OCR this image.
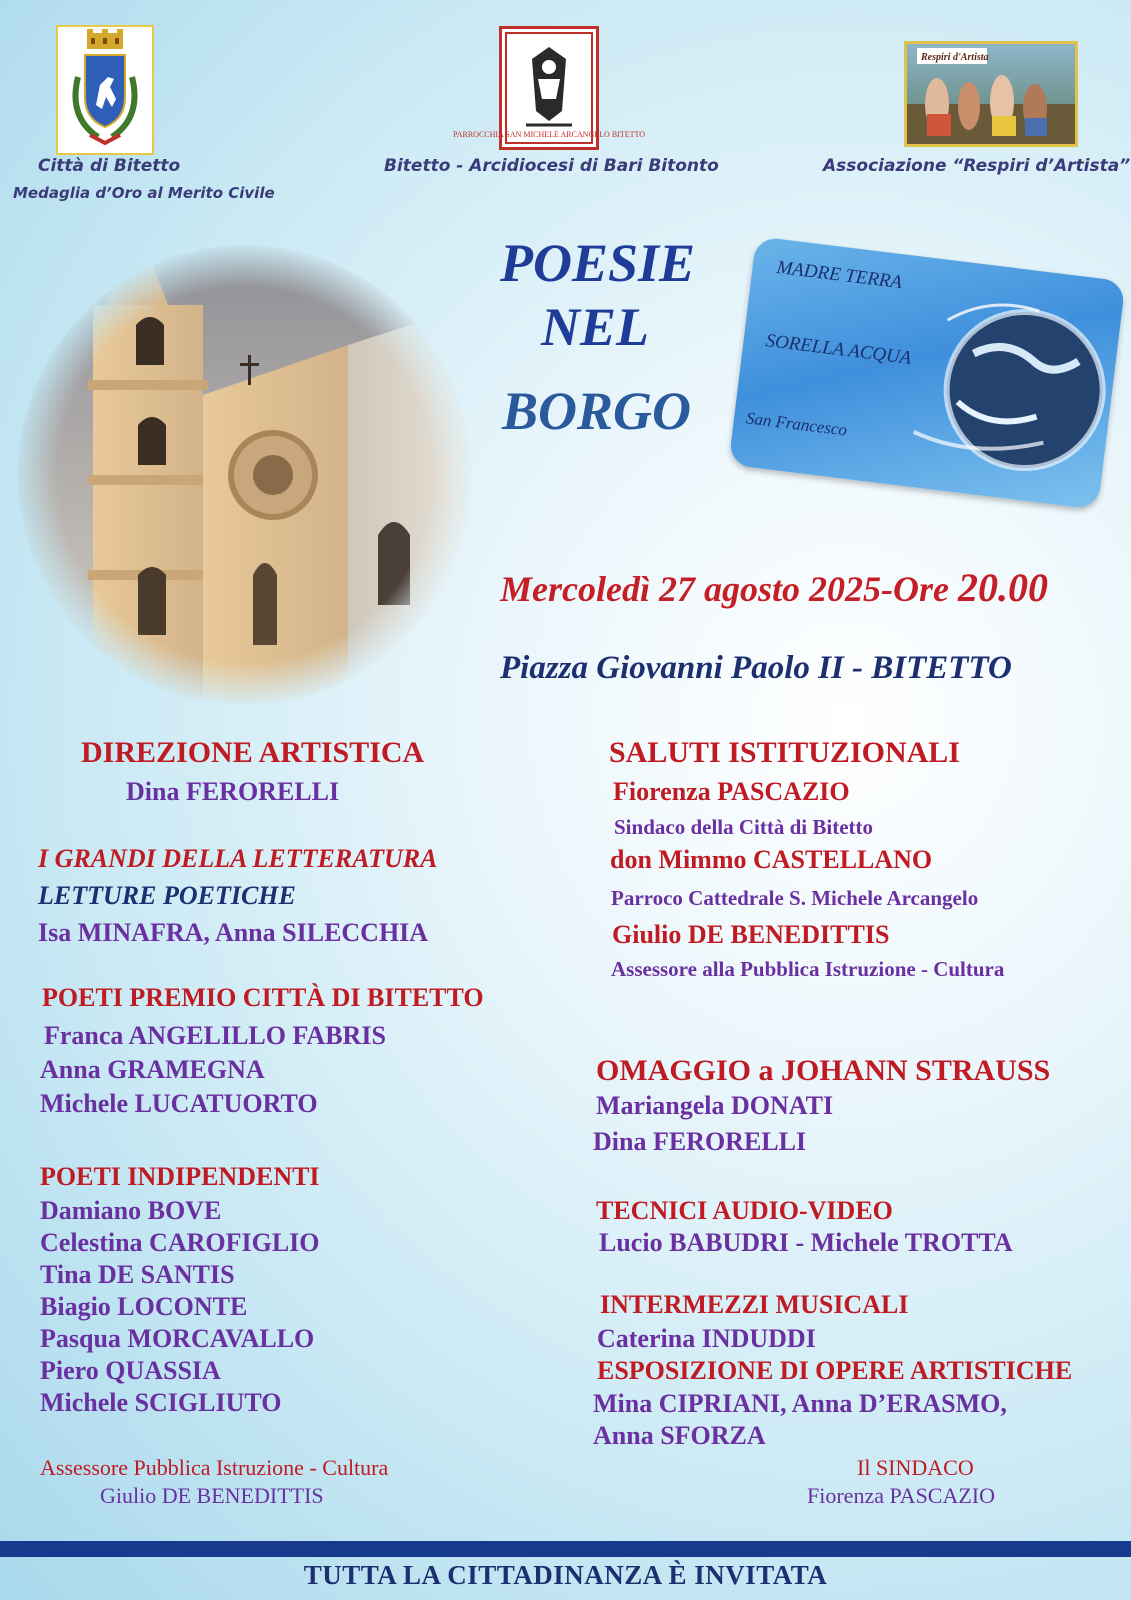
PARROCCHIA SAN MICHELE ARCANGELO BITETTO
Respiri d'Artista
Città di Bitetto
Medaglia d’Oro al Merito Civile
Bitetto - Arcidiocesi di Bari Bitonto	Associazione “Respiri d’Artista”
POESIE
NEL
BORGO
MADRE TERRA
SORELLA ACQUA
San Francesco
Mercoledì 27 agosto 2025-Ore 20.00
Piazza Giovanni Paolo II - BITETTO
DIREZIONE ARTISTICA
Dina FERORELLI
I GRANDI DELLA LETTERATURA
LETTURE POETICHE
Isa MINAFRA, Anna SILECCHIA
POETI PREMIO CITTÀ DI BITETTO
Franca ANGELILLO FABRIS
Anna GRAMEGNA
Michele LUCATUORTO
POETI INDIPENDENTI
Damiano BOVE
Celestina CAROFIGLIO
Tina DE SANTIS
Biagio LOCONTE
Pasqua MORCAVALLO
Piero QUASSIA
Michele SCIGLIUTO
Assessore Pubblica Istruzione - Cultura
Giulio DE BENEDITTIS
SALUTI ISTITUZIONALI
Fiorenza PASCAZIO
Sindaco della Città di Bitetto
don Mimmo CASTELLANO
Parroco Cattedrale S. Michele Arcangelo
Giulio DE BENEDITTIS
Assessore alla Pubblica Istruzione - Cultura
OMAGGIO a JOHANN STRAUSS
Mariangela DONATI
Dina FERORELLI
TECNICI AUDIO-VIDEO
Lucio BABUDRI - Michele TROTTA
INTERMEZZI MUSICALI
Caterina INDUDDI
ESPOSIZIONE DI OPERE ARTISTICHE
Mina CIPRIANI, Anna D’ERASMO,
Anna SFORZA
Il SINDACO
Fiorenza PASCAZIO
TUTTA LA CITTADINANZA È INVITATA
